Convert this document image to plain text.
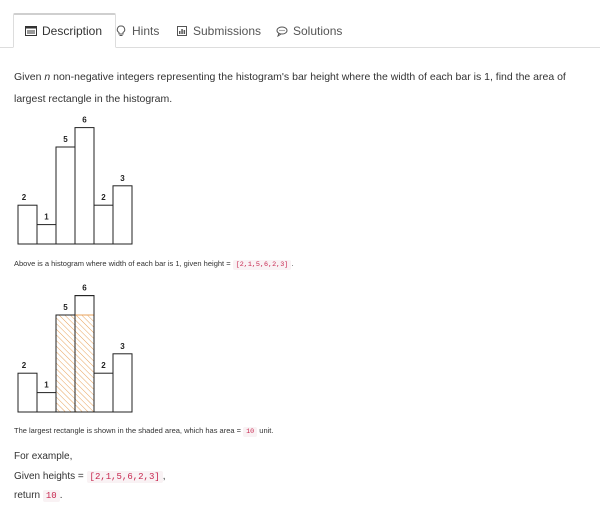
Description Hints	Submissions	Solutions
Given n non-negative integers representing the histogram's bar height where the width of each bar is 1, find the area of largest rectangle in the histogram.
2
1
5
6
2
3
Above is a histogram where width of each bar is 1, given height = [2,1,5,6,2,3] .
2
1
5
6
2
3
The largest rectangle is shown in the shaded area, which has area = 10 unit.
For example,
Given heights = [2,1,5,6,2,3] ,
return 10 .
